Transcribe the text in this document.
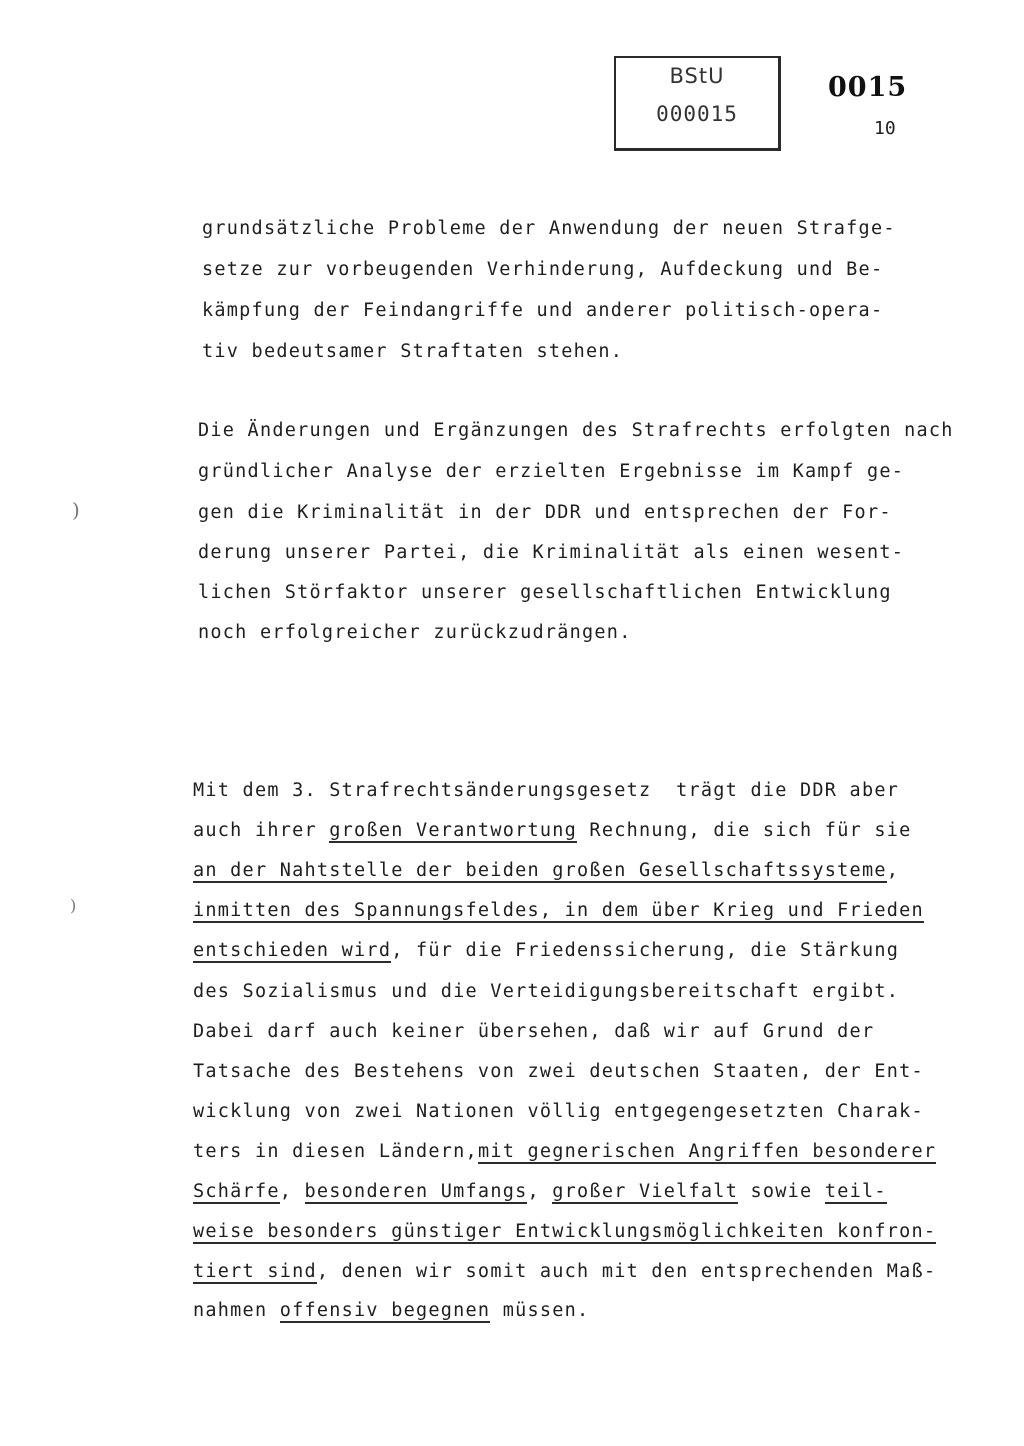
BStU
000015
0015
10
)
)
grundsätzliche Probleme der Anwendung der neuen Strafge-
setze zur vorbeugenden Verhinderung, Aufdeckung und Be-
kämpfung der Feindangriffe und anderer politisch-opera-
tiv bedeutsamer Straftaten stehen.
Die Änderungen und Ergänzungen des Strafrechts erfolgten nach
gründlicher Analyse der erzielten Ergebnisse im Kampf ge-
gen die Kriminalität in der DDR und entsprechen der For-
derung unserer Partei, die Kriminalität als einen wesent-
lichen Störfaktor unserer gesellschaftlichen Entwicklung
noch erfolgreicher zurückzudrängen.
Mit dem 3. Strafrechtsänderungsgesetz  trägt die DDR aber
auch ihrer großen Verantwortung Rechnung, die sich für sie
an der Nahtstelle der beiden großen Gesellschaftssysteme,
inmitten des Spannungsfeldes, in dem über Krieg und Frieden
entschieden wird, für die Friedenssicherung, die Stärkung
des Sozialismus und die Verteidigungsbereitschaft ergibt.
Dabei darf auch keiner übersehen, daß wir auf Grund der
Tatsache des Bestehens von zwei deutschen Staaten, der Ent-
wicklung von zwei Nationen völlig entgegengesetzten Charak-
ters in diesen Ländern,mit gegnerischen Angriffen besonderer
Schärfe, besonderen Umfangs, großer Vielfalt sowie teil-
weise besonders günstiger Entwicklungsmöglichkeiten konfron-
tiert sind, denen wir somit auch mit den entsprechenden Maß-
nahmen offensiv begegnen müssen.
